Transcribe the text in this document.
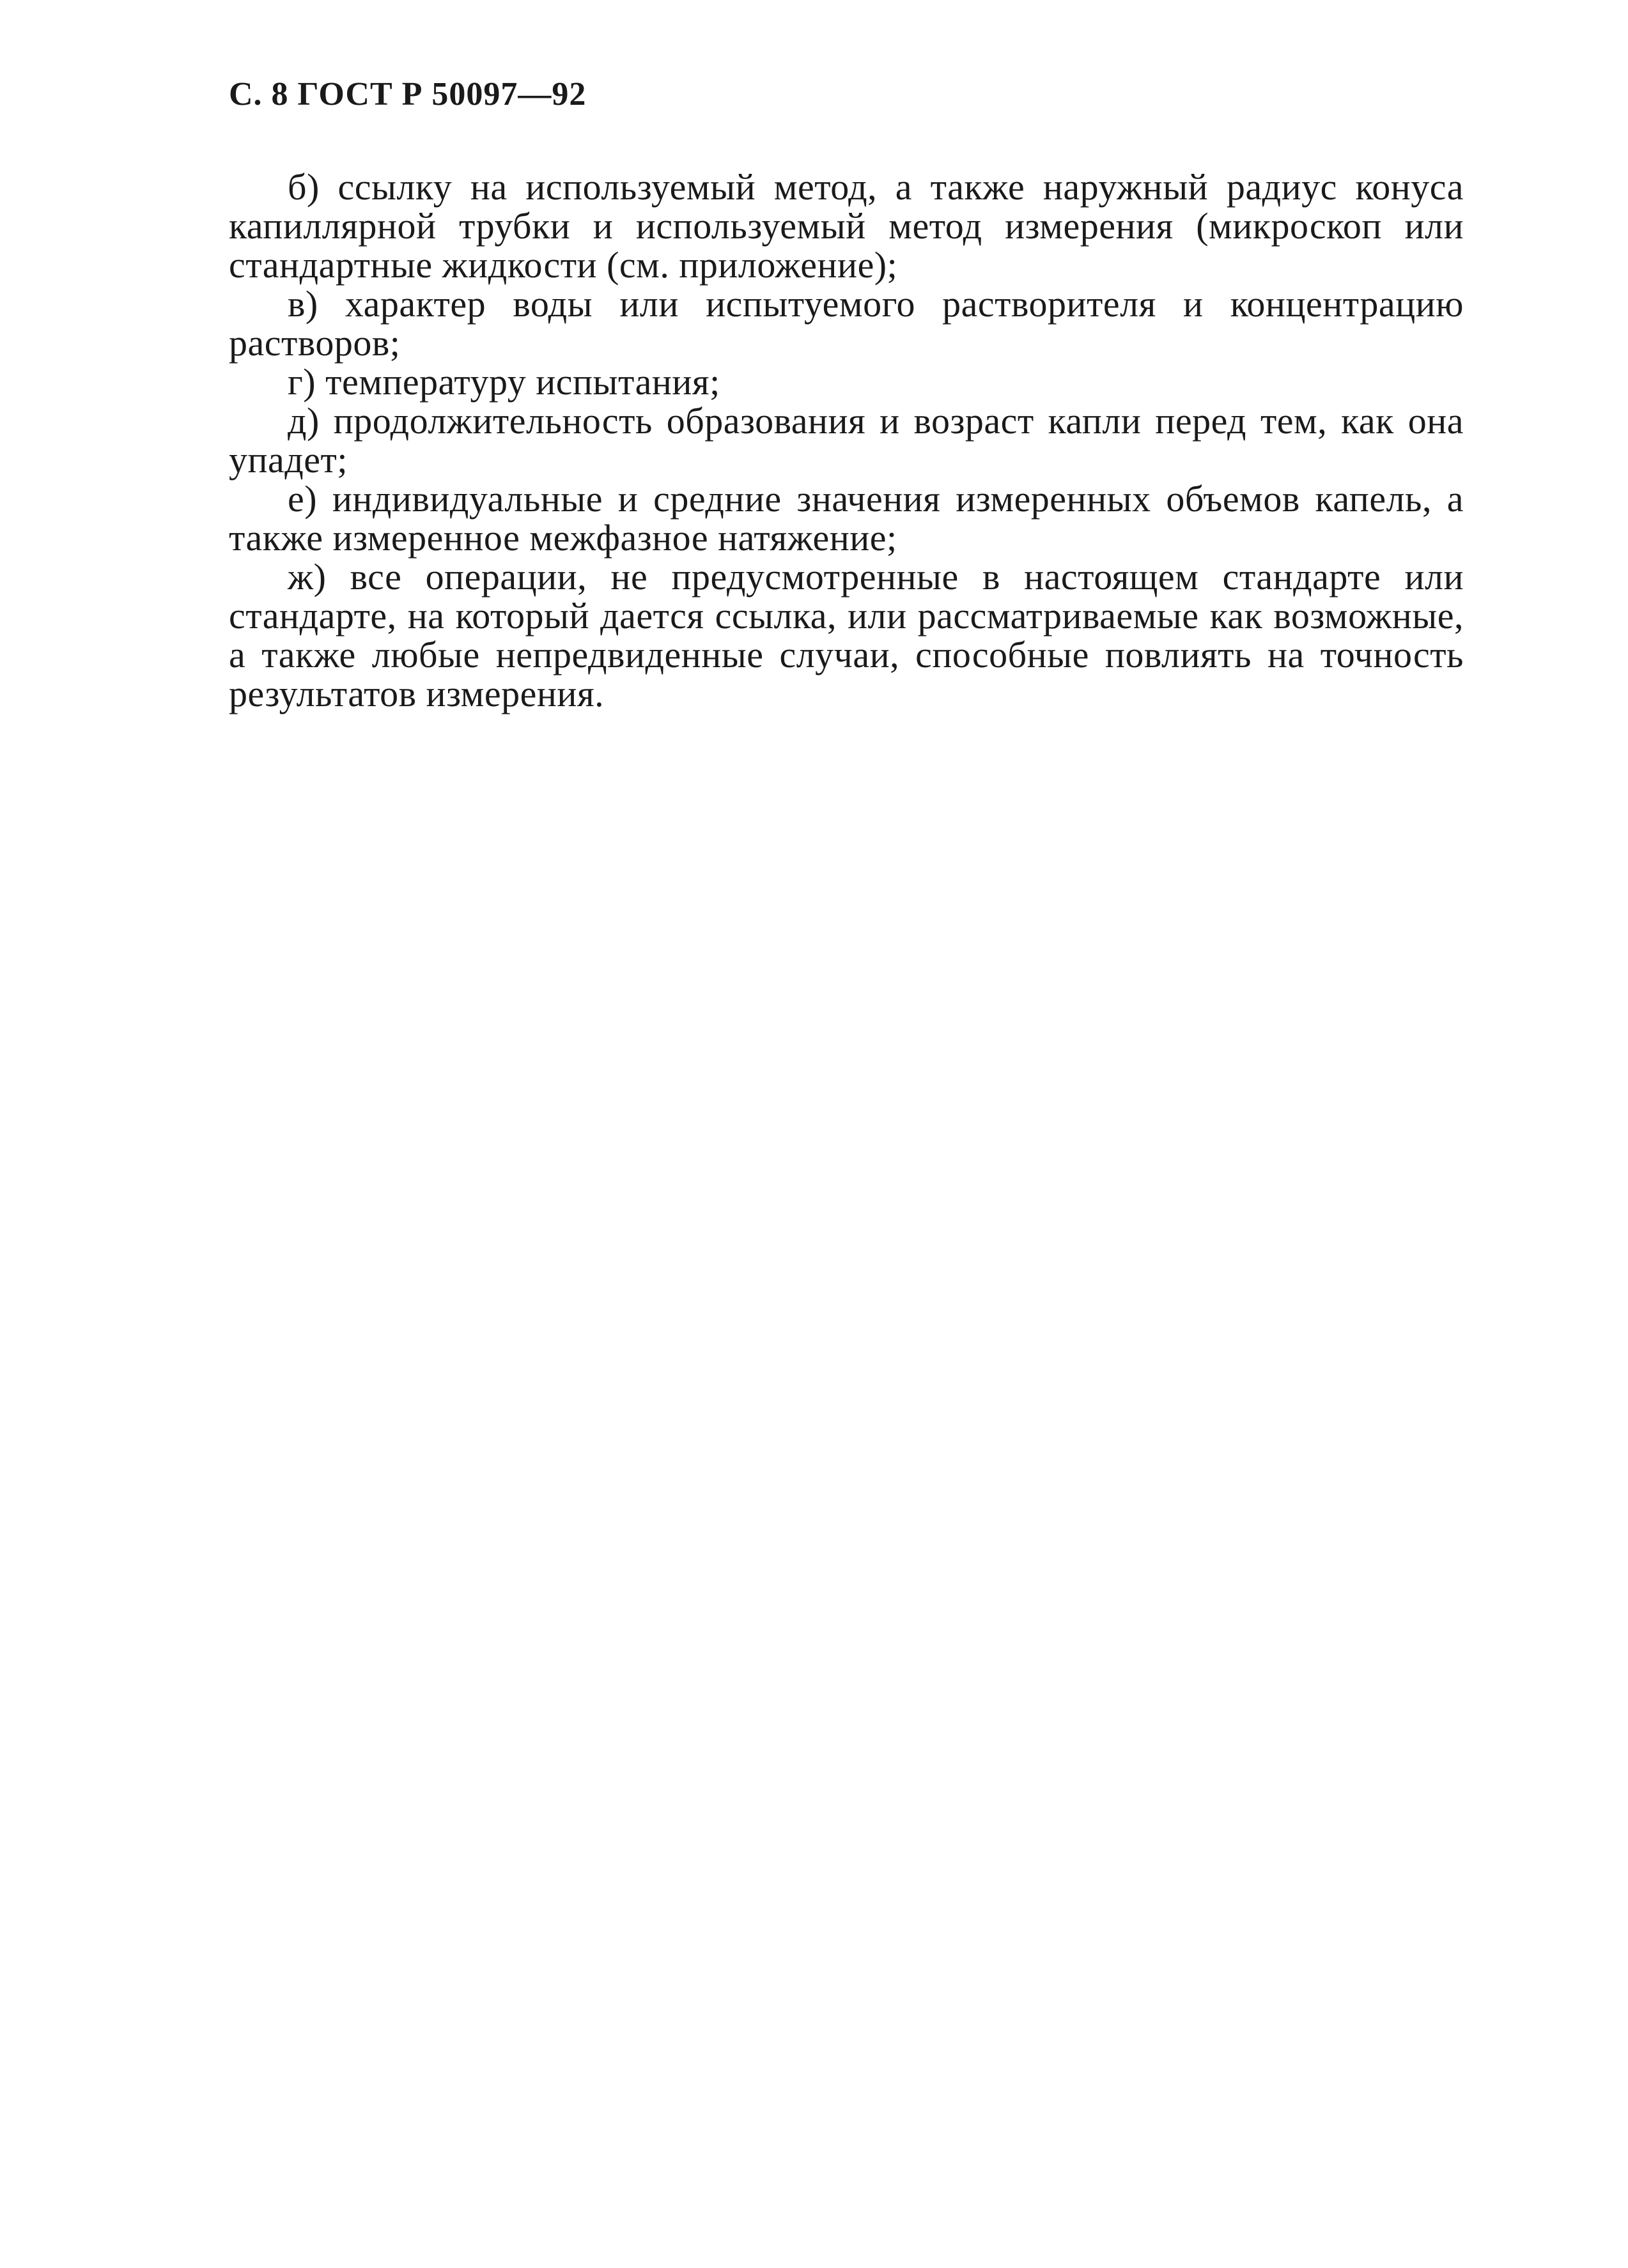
С. 8 ГОСТ Р 50097—92

б) ссылку на используемый метод, а также наружный радиус конуса капиллярной трубки и используемый метод измерения (микроскоп или стандартные жидкости (см. приложение);

в) характер воды или испытуемого растворителя и концентрацию растворов;

г) температуру испытания;

д) продолжительность образования и возраст капли перед тем, как она упадет;

е) индивидуальные и средние значения измеренных объемов капель, а также измеренное межфазное натяжение;

ж) все операции, не предусмотренные в настоящем стандарте или стандарте, на который дается ссылка, или рассматриваемые как возможные, а также любые непредвиденные случаи, способные повлиять на точность результатов измерения.
